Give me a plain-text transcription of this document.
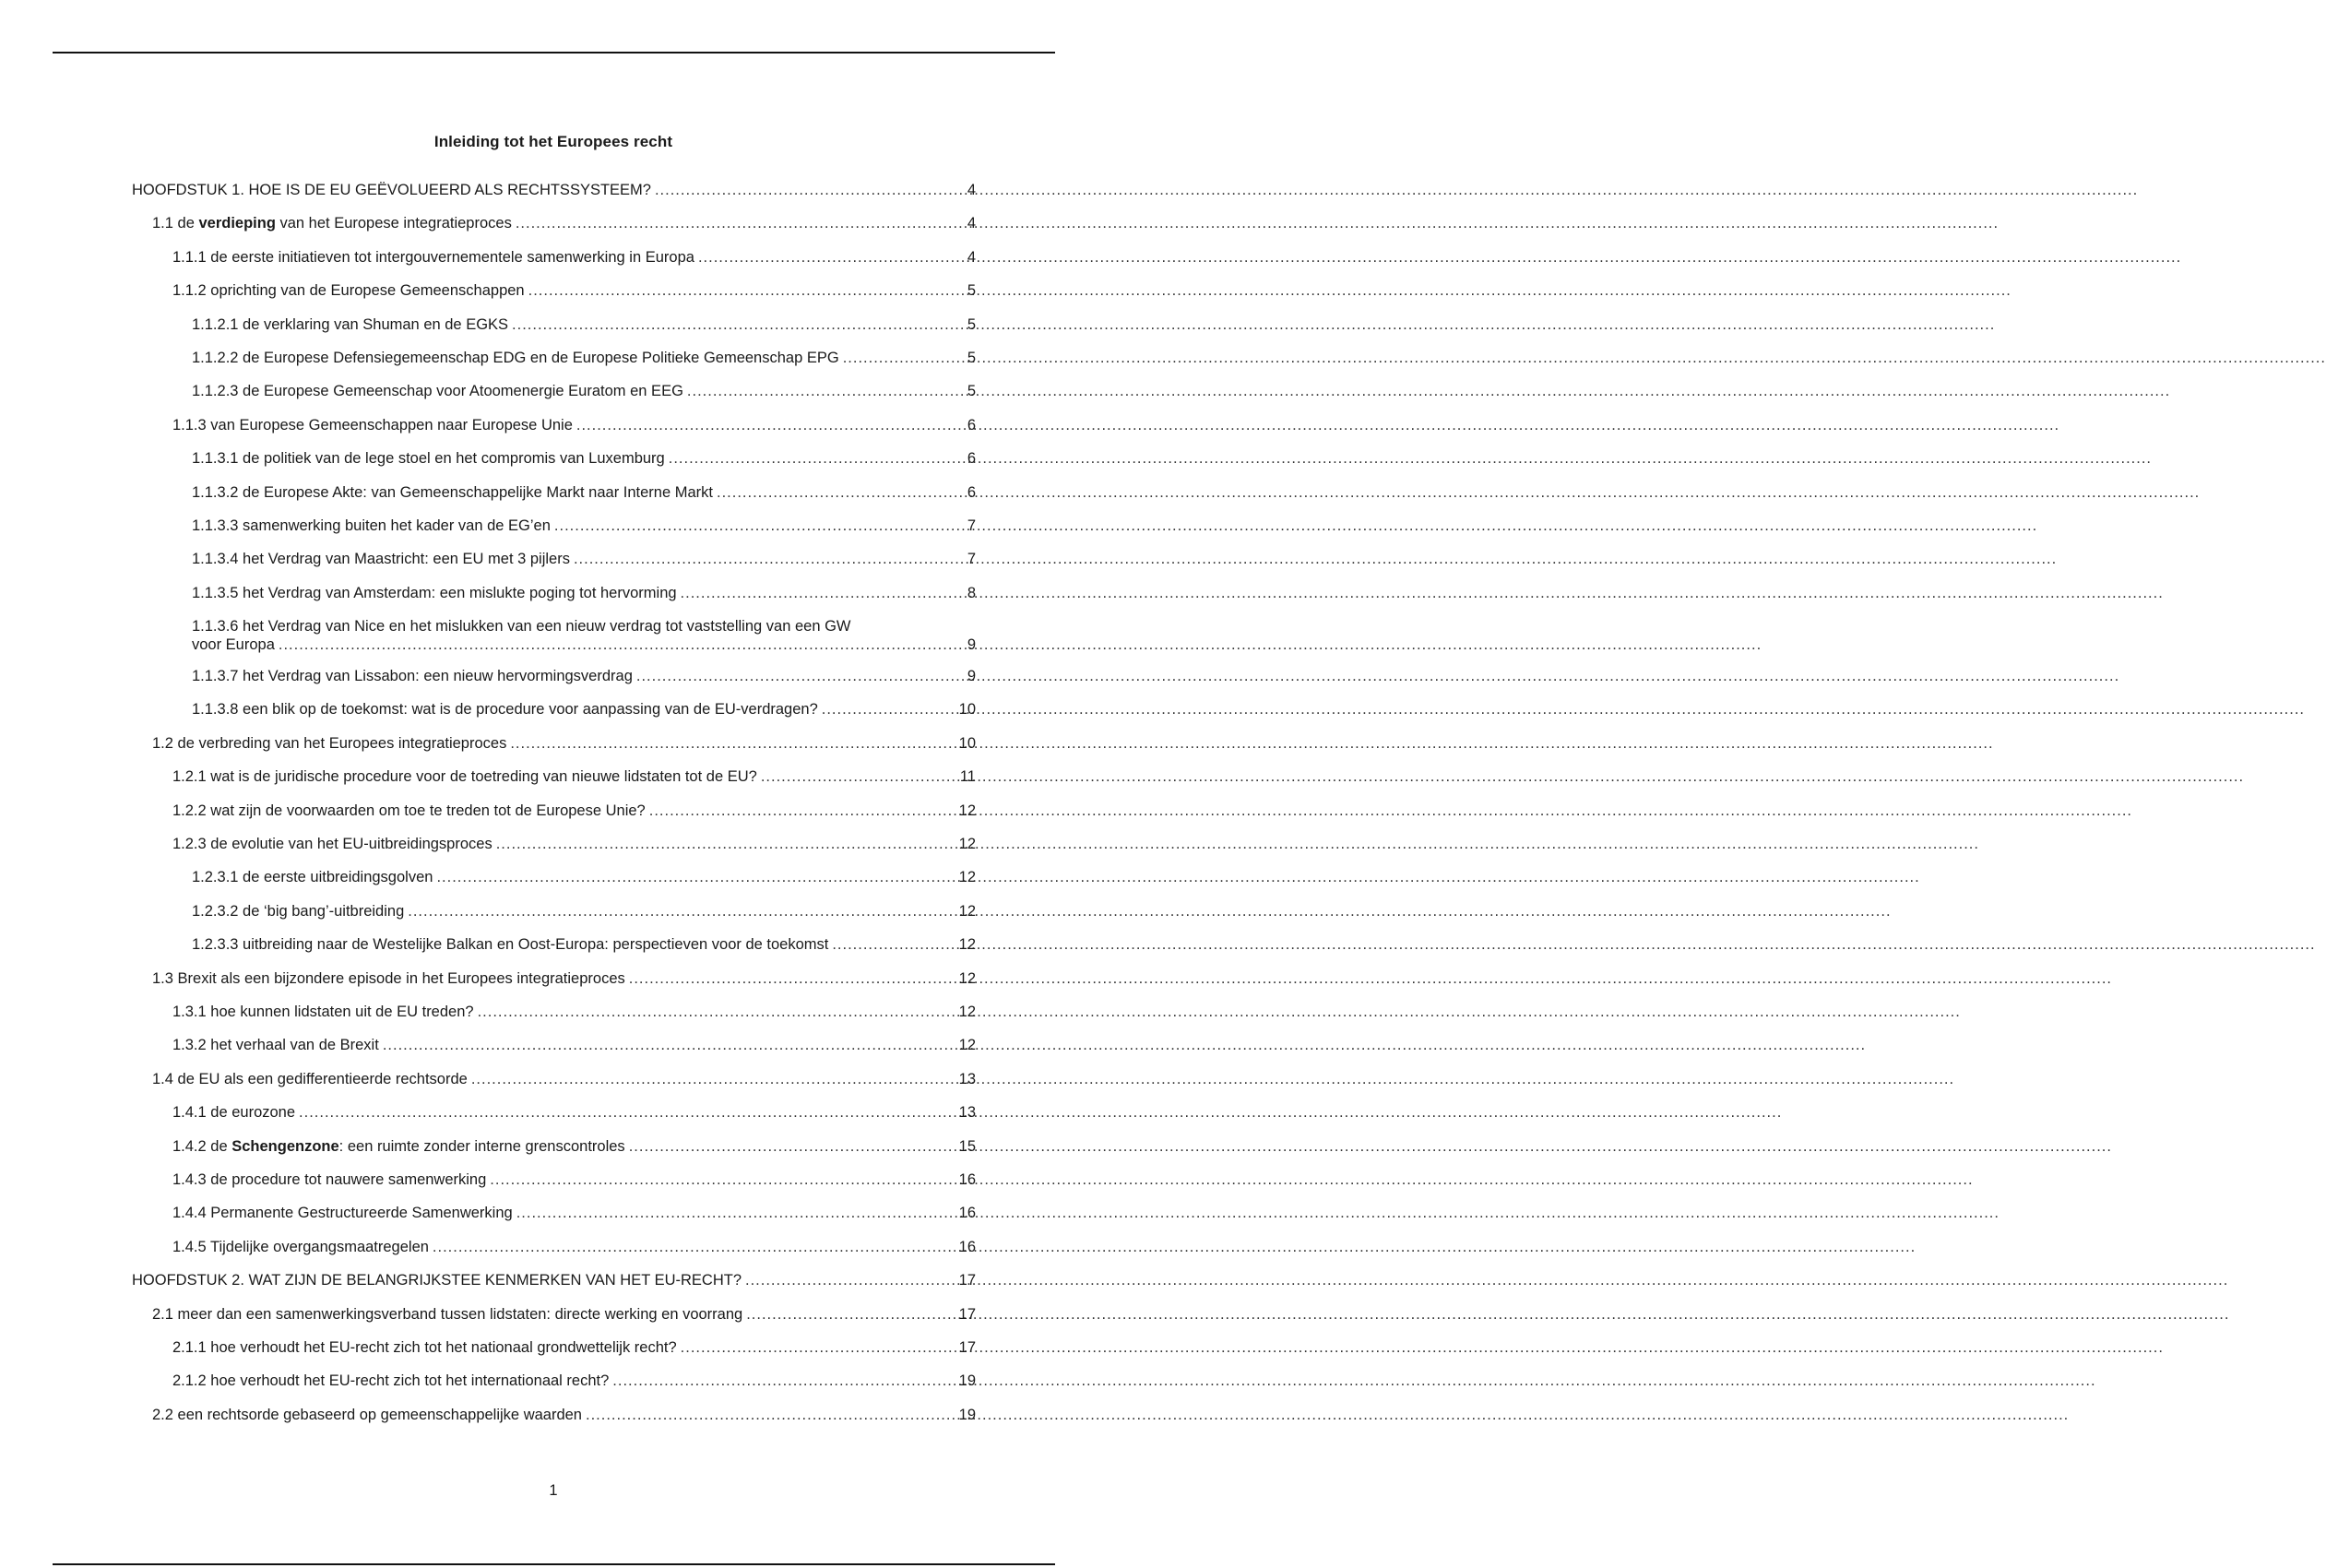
Inleiding tot het Europees recht
HOOFDSTUK 1. HOE IS DE EU GEËVOLUEERD ALS RECHTSSYSTEEM? .....	4
1.1 de verdieping van het Europese integratieproces .....	4
1.1.1 de eerste initiatieven tot intergouvernementele samenwerking in Europa .....	4
1.1.2 oprichting van de Europese Gemeenschappen .....	5
1.1.2.1 de verklaring van Shuman en de EGKS .....	5
1.1.2.2 de Europese Defensiegemeenschap EDG en de Europese Politieke Gemeenschap EPG .....	5
1.1.2.3 de Europese Gemeenschap voor Atoomenergie Euratom en EEG .....	5
1.1.3 van Europese Gemeenschappen naar Europese Unie .....	6
1.1.3.1 de politiek van de lege stoel en het compromis van Luxemburg .....	6
1.1.3.2 de Europese Akte: van Gemeenschappelijke Markt naar Interne Markt .....	6
1.1.3.3 samenwerking buiten het kader van de EG’en .....	7
1.1.3.4 het Verdrag van Maastricht: een EU met 3 pijlers .....	7
1.1.3.5 het Verdrag van Amsterdam: een mislukte poging tot hervorming .....	8
1.1.3.6 het Verdrag van Nice en het mislukken van een nieuw verdrag tot vaststelling van een GW
voor Europa .....	9
1.1.3.7 het Verdrag van Lissabon: een nieuw hervormingsverdrag .....	9
1.1.3.8 een blik op de toekomst: wat is de procedure voor aanpassing van de EU-verdragen? .....	10
1.2 de verbreding van het Europees integratieproces .....	10
1.2.1 wat is de juridische procedure voor de toetreding van nieuwe lidstaten tot de EU? .....	11
1.2.2 wat zijn de voorwaarden om toe te treden tot de Europese Unie? .....	12
1.2.3 de evolutie van het EU-uitbreidingsproces .....	12
1.2.3.1 de eerste uitbreidingsgolven .....	12
1.2.3.2 de ‘big bang’-uitbreiding .....	12
1.2.3.3 uitbreiding naar de Westelijke Balkan en Oost-Europa: perspectieven voor de toekomst .....	12
1.3 Brexit als een bijzondere episode in het Europees integratieproces .....	12
1.3.1 hoe kunnen lidstaten uit de EU treden? .....	12
1.3.2 het verhaal van de Brexit .....	12
1.4 de EU als een gedifferentieerde rechtsorde .....	13
1.4.1 de eurozone .....	13
1.4.2 de Schengenzone: een ruimte zonder interne grenscontroles .....	15
1.4.3 de procedure tot nauwere samenwerking .....	16
1.4.4 Permanente Gestructureerde Samenwerking .....	16
1.4.5 Tijdelijke overgangsmaatregelen .....	16
HOOFDSTUK 2. WAT ZIJN DE BELANGRIJKSTEE KENMERKEN VAN HET EU-RECHT? .....	17
2.1 meer dan een samenwerkingsverband tussen lidstaten: directe werking en voorrang .....	17
2.1.1 hoe verhoudt het EU-recht zich tot het nationaal grondwettelijk recht? .....	17
2.1.2 hoe verhoudt het EU-recht zich tot het internationaal recht? .....	19
2.2 een rechtsorde gebaseerd op gemeenschappelijke waarden .....	19
1
